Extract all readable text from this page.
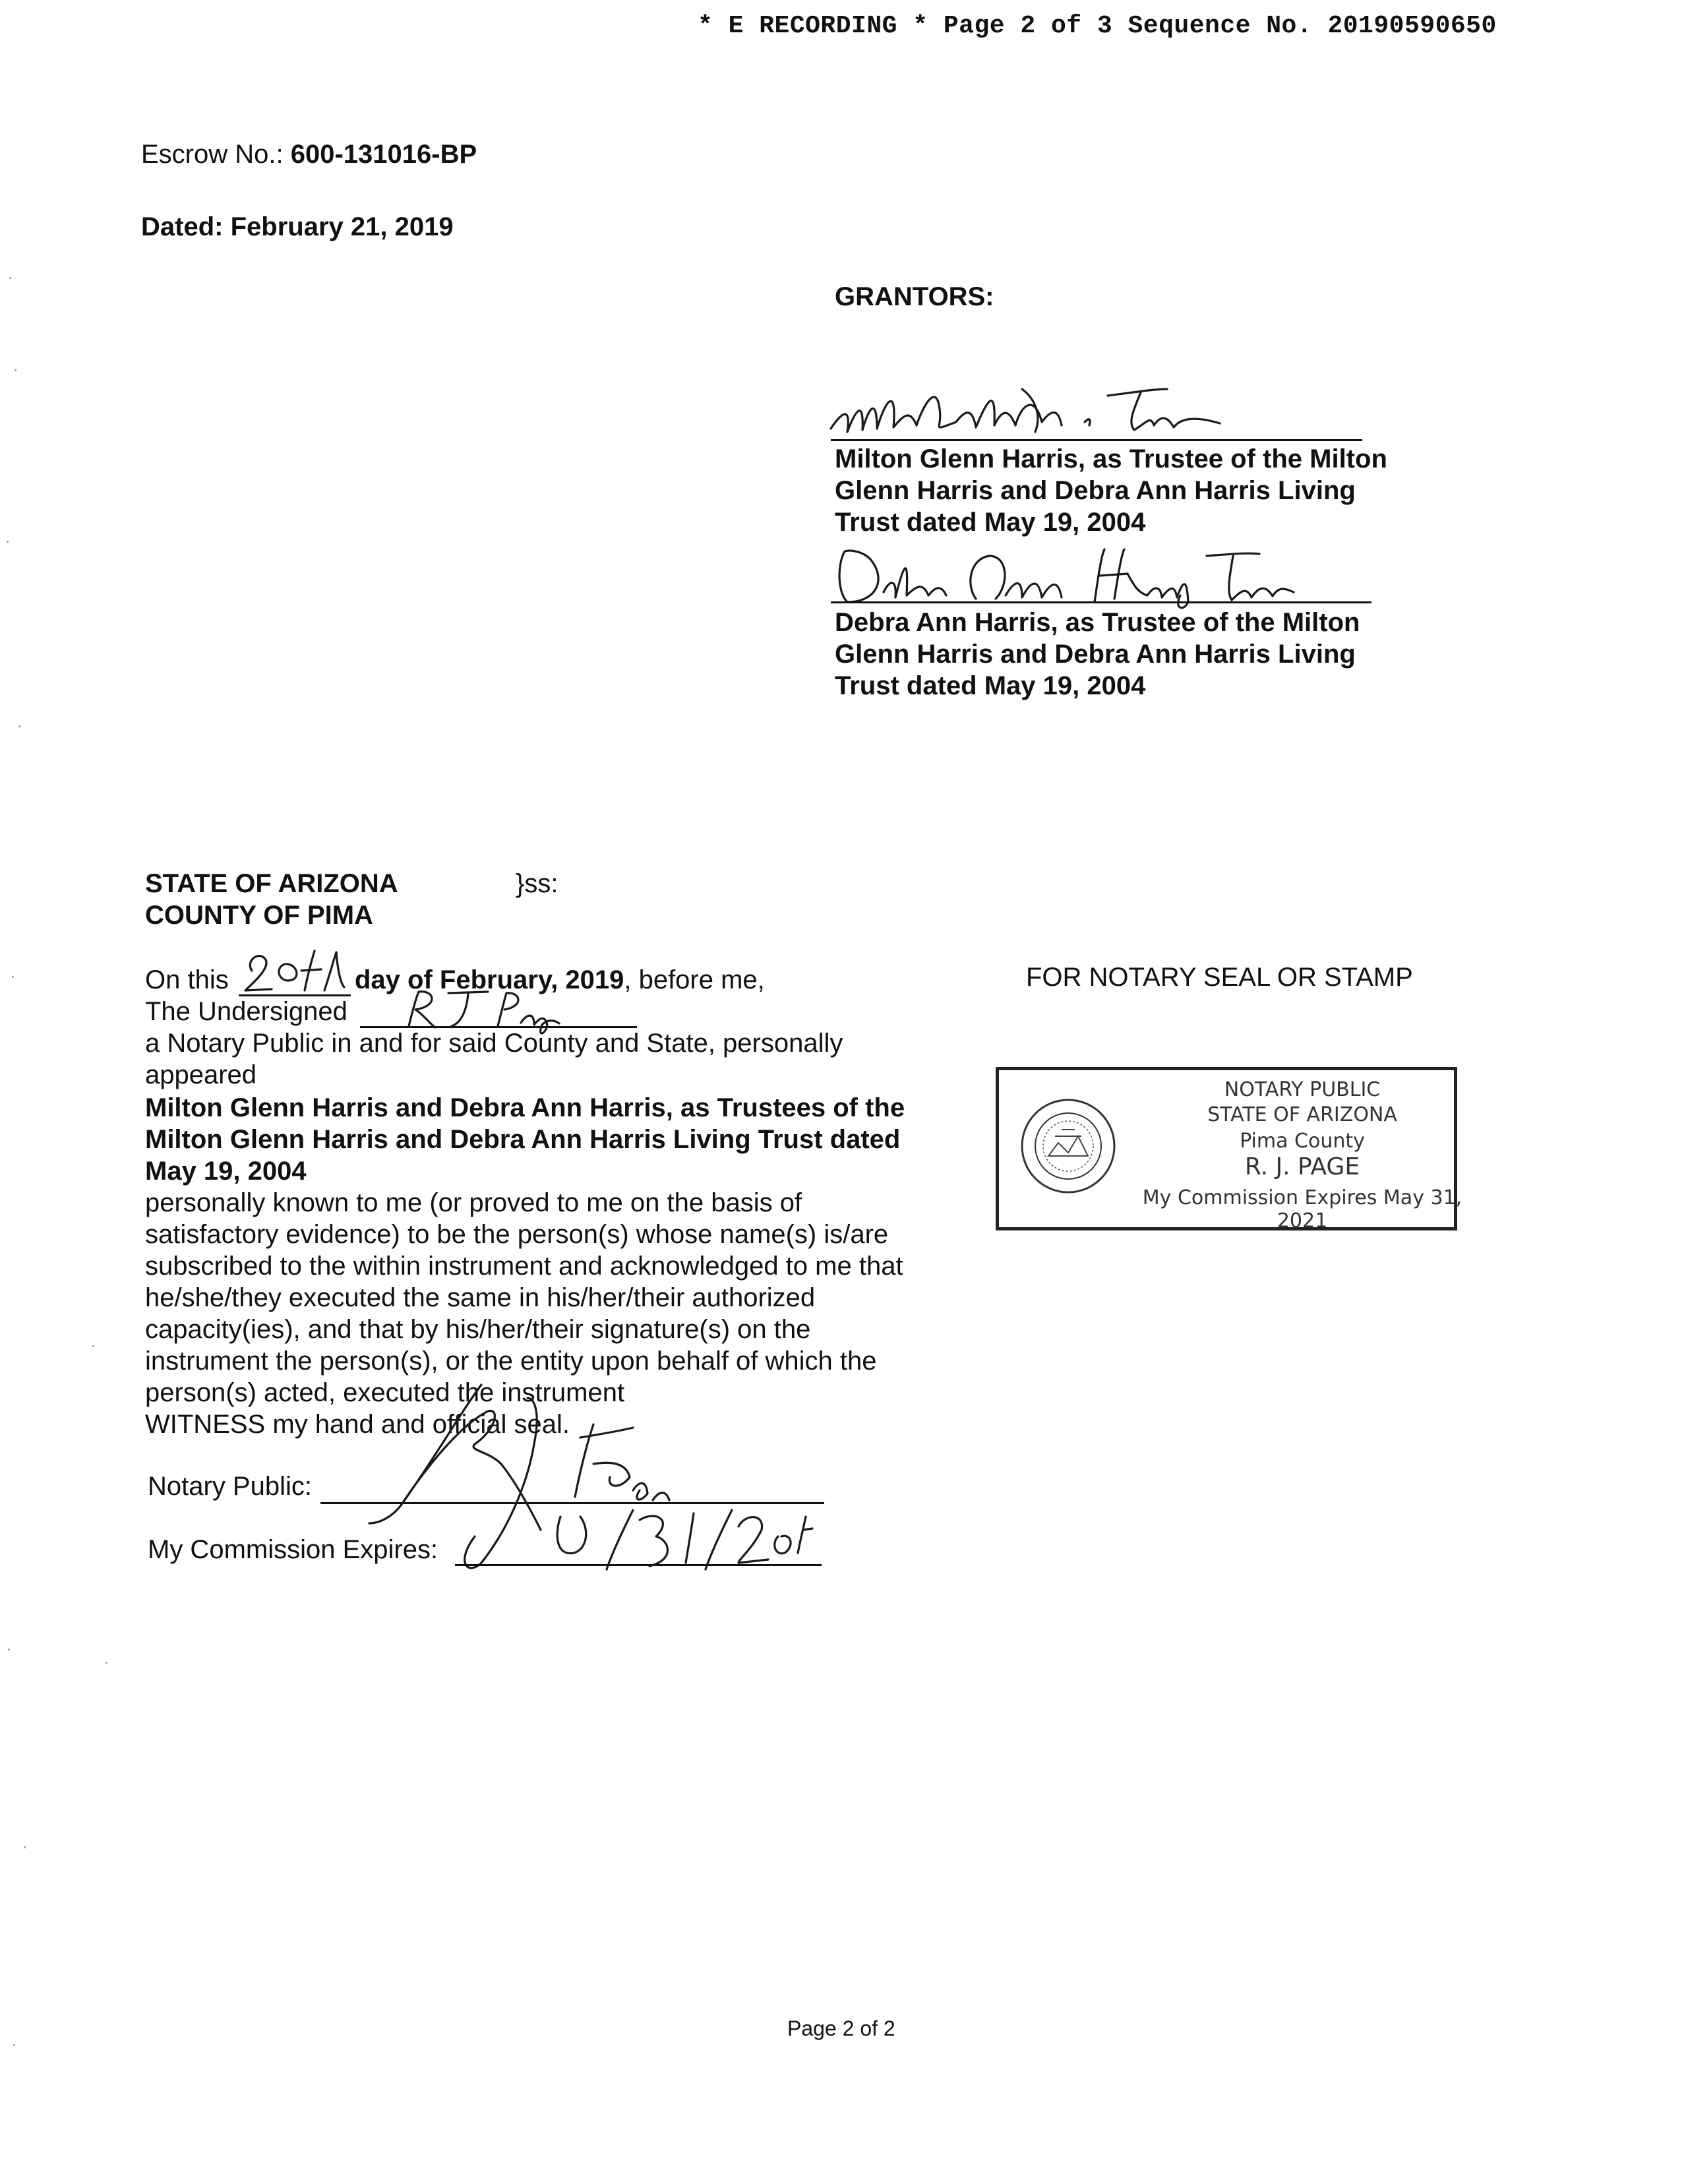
* E RECORDING * Page 2 of 3 Sequence No. 20190590650
Escrow No.: 600-131016-BP
Dated: February 21, 2019
GRANTORS:
Milton Glenn Harris, as Trustee of the Milton
Glenn Harris and Debra Ann Harris Living
Trust dated May 19, 2004
Debra Ann Harris, as Trustee of the Milton
Glenn Harris and Debra Ann Harris Living
Trust dated May 19, 2004
STATE OF ARIZONA
COUNTY OF PIMA
}ss:
On this	day of February, 2019, before me,
The Undersigned
a Notary Public in and for said County and State, personally
appeared
Milton Glenn Harris and Debra Ann Harris, as Trustees of the
Milton Glenn Harris and Debra Ann Harris Living Trust dated
May 19, 2004
personally known to me (or proved to me on the basis of
satisfactory evidence) to be the person(s) whose name(s) is/are
subscribed to the within instrument and acknowledged to me that
he/she/they executed the same in his/her/their authorized
capacity(ies), and that by his/her/their signature(s) on the
instrument the person(s), or the entity upon behalf of which the
person(s) acted, executed the instrument
WITNESS my hand and official seal.
Notary Public:
My Commission Expires:
FOR NOTARY SEAL OR STAMP
NOTARY PUBLIC
STATE OF ARIZONA
Pima County
R. J. PAGE
My Commission Expires May 31, 2021
Page 2 of 2
